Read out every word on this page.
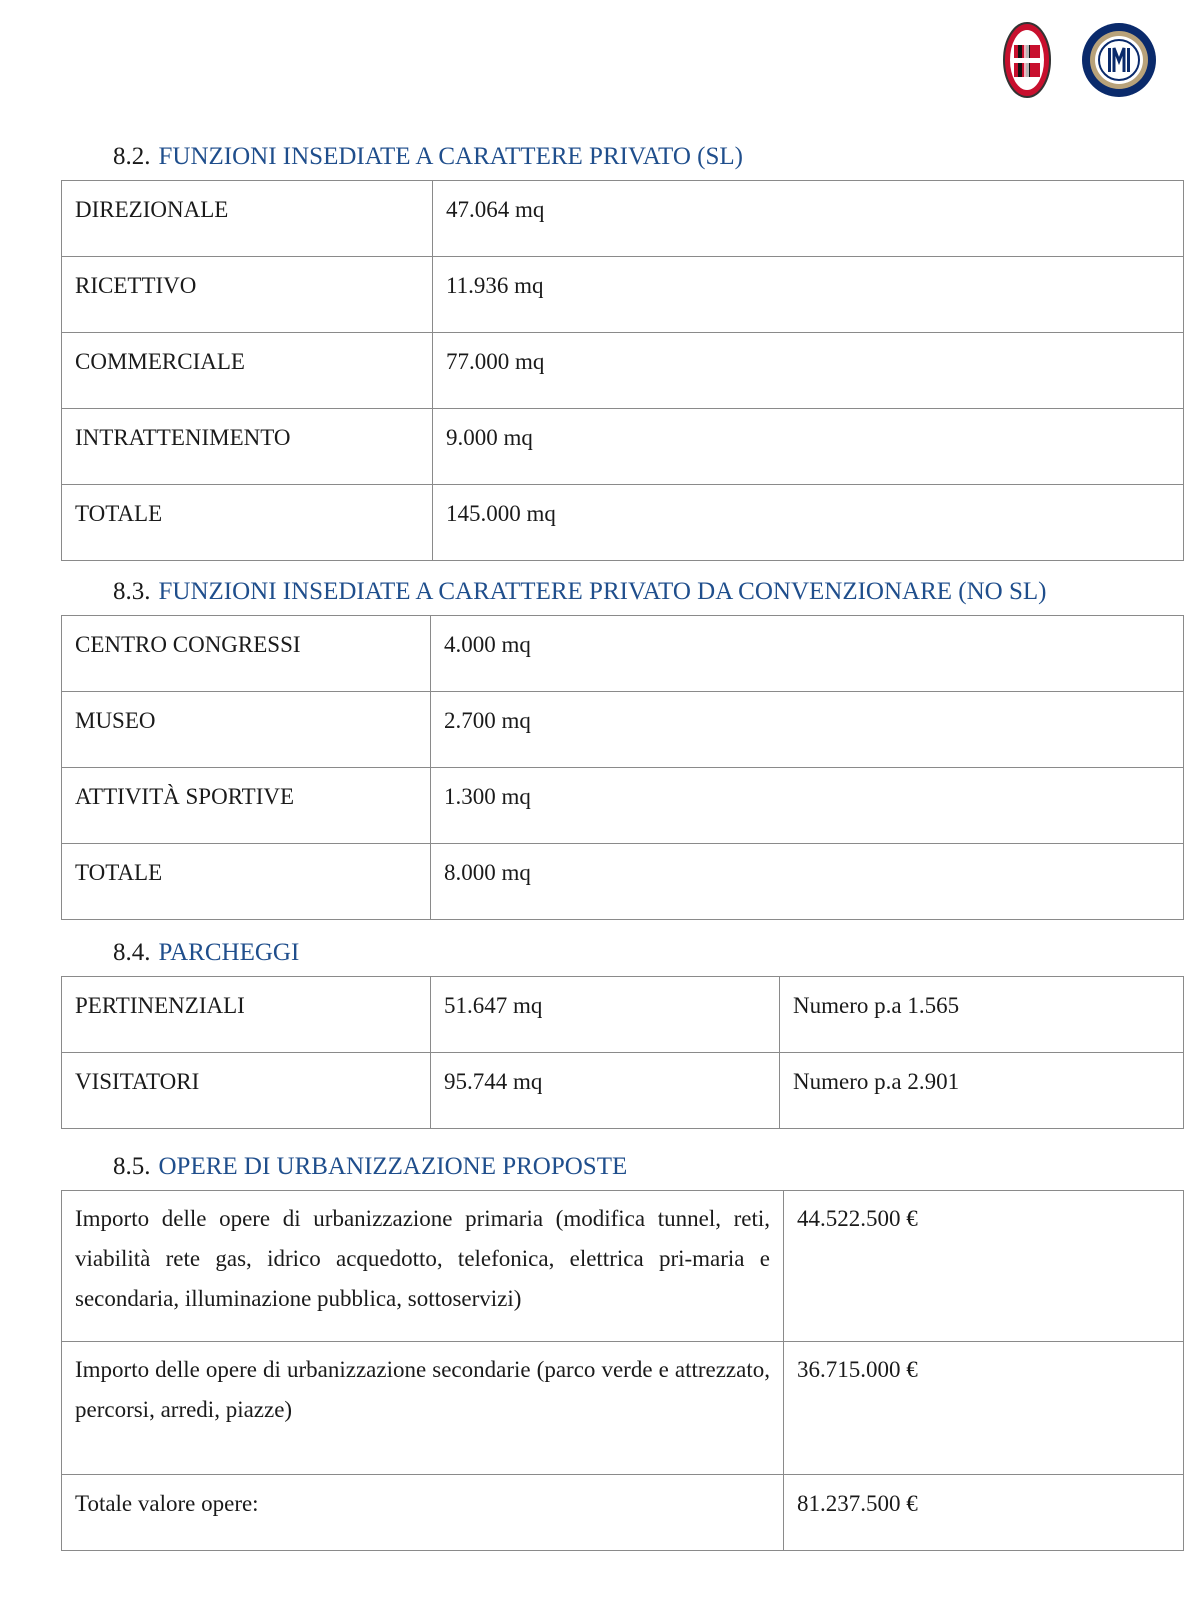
8.2. FUNZIONI INSEDIATE A CARATTERE PRIVATO (SL)
DIREZIONALE	47.064 mq
RICETTIVO	11.936 mq
COMMERCIALE	77.000 mq
INTRATTENIMENTO	9.000 mq
TOTALE	145.000 mq
8.3. FUNZIONI INSEDIATE A CARATTERE PRIVATO DA CONVENZIONARE (NO SL)
CENTRO CONGRESSI	4.000 mq
MUSEO	2.700 mq
ATTIVITÀ SPORTIVE	1.300 mq
TOTALE	8.000 mq
8.4. PARCHEGGI
PERTINENZIALI	51.647 mq	Numero p.a 1.565
VISITATORI	95.744 mq	Numero p.a 2.901
8.5. OPERE DI URBANIZZAZIONE PROPOSTE
Importo delle opere di urbanizzazione primaria (modifica tunnel, reti, viabilità rete gas, idrico acquedotto, telefonica, elettrica pri-maria e secondaria, illuminazione pubblica, sottoservizi)	44.522.500 €
Importo delle opere di urbanizzazione secondarie (parco verde e attrezzato, percorsi, arredi, piazze)	36.715.000 €
Totale valore opere:	81.237.500 €
